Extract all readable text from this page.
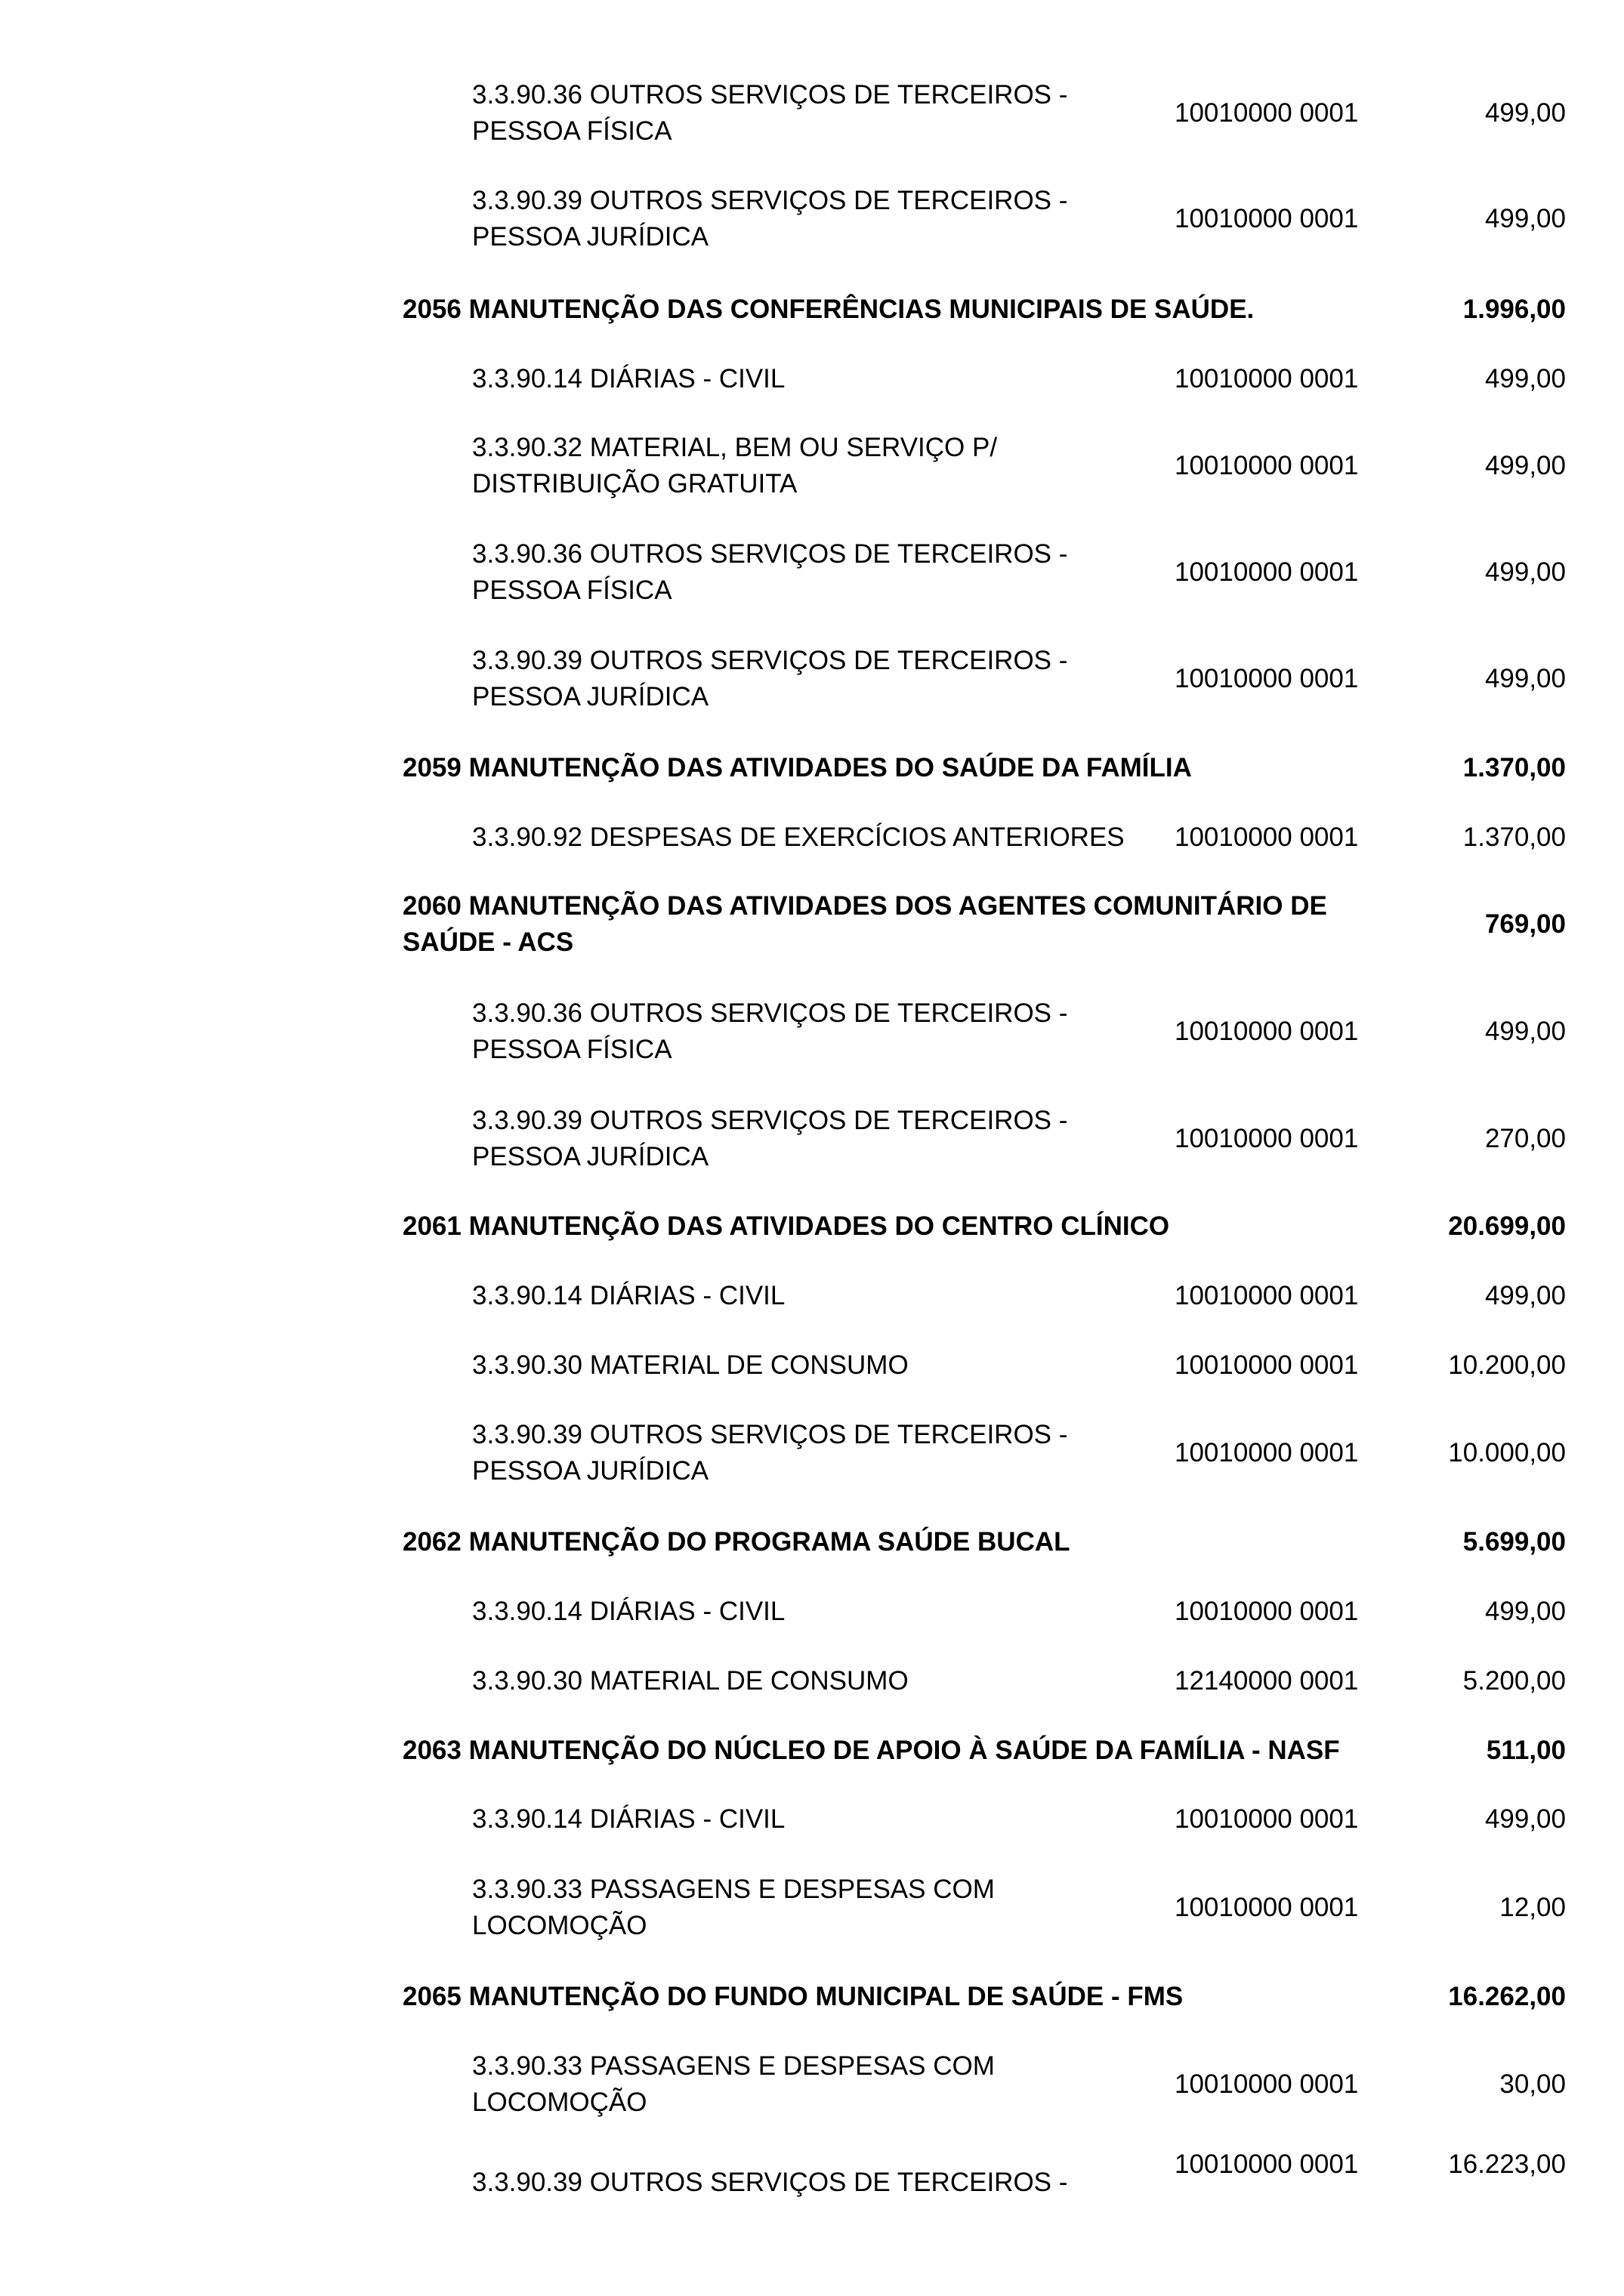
3.3.90.36 OUTROS SERVIÇOS DE TERCEIROS -
PESSOA FÍSICA
10010000 0001	499,00
3.3.90.39 OUTROS SERVIÇOS DE TERCEIROS -
PESSOA JURÍDICA
10010000 0001	499,00
2056 MANUTENÇÃO DAS CONFERÊNCIAS MUNICIPAIS DE SAÚDE.	1.996,00
3.3.90.14 DIÁRIAS - CIVIL	10010000 0001	499,00
3.3.90.32 MATERIAL, BEM OU SERVIÇO P/
DISTRIBUIÇÃO GRATUITA
10010000 0001	499,00
3.3.90.36 OUTROS SERVIÇOS DE TERCEIROS -
PESSOA FÍSICA
10010000 0001	499,00
3.3.90.39 OUTROS SERVIÇOS DE TERCEIROS -
PESSOA JURÍDICA
10010000 0001	499,00
2059 MANUTENÇÃO DAS ATIVIDADES DO SAÚDE DA FAMÍLIA	1.370,00
3.3.90.92 DESPESAS DE EXERCÍCIOS ANTERIORES 10010000 0001	1.370,00
2060 MANUTENÇÃO DAS ATIVIDADES DOS AGENTES COMUNITÁRIO DE
SAÚDE - ACS
769,00
3.3.90.36 OUTROS SERVIÇOS DE TERCEIROS -
PESSOA FÍSICA
10010000 0001	499,00
3.3.90.39 OUTROS SERVIÇOS DE TERCEIROS -
PESSOA JURÍDICA
10010000 0001	270,00
2061 MANUTENÇÃO DAS ATIVIDADES DO CENTRO CLÍNICO	20.699,00
3.3.90.14 DIÁRIAS - CIVIL	10010000 0001	499,00
3.3.90.30 MATERIAL DE CONSUMO	10010000 0001	10.200,00
3.3.90.39 OUTROS SERVIÇOS DE TERCEIROS -
PESSOA JURÍDICA
10010000 0001	10.000,00
2062 MANUTENÇÃO DO PROGRAMA SAÚDE BUCAL	5.699,00
3.3.90.14 DIÁRIAS - CIVIL	10010000 0001	499,00
3.3.90.30 MATERIAL DE CONSUMO	12140000 0001	5.200,00
2063 MANUTENÇÃO DO NÚCLEO DE APOIO À SAÚDE DA FAMÍLIA - NASF	511,00
3.3.90.14 DIÁRIAS - CIVIL	10010000 0001	499,00
3.3.90.33 PASSAGENS E DESPESAS COM
LOCOMOÇÃO
10010000 0001	12,00
2065 MANUTENÇÃO DO FUNDO MUNICIPAL DE SAÚDE - FMS	16.262,00
3.3.90.33 PASSAGENS E DESPESAS COM
LOCOMOÇÃO
10010000 0001	30,00
3.3.90.39 OUTROS SERVIÇOS DE TERCEIROS -
10010000 0001	16.223,00
